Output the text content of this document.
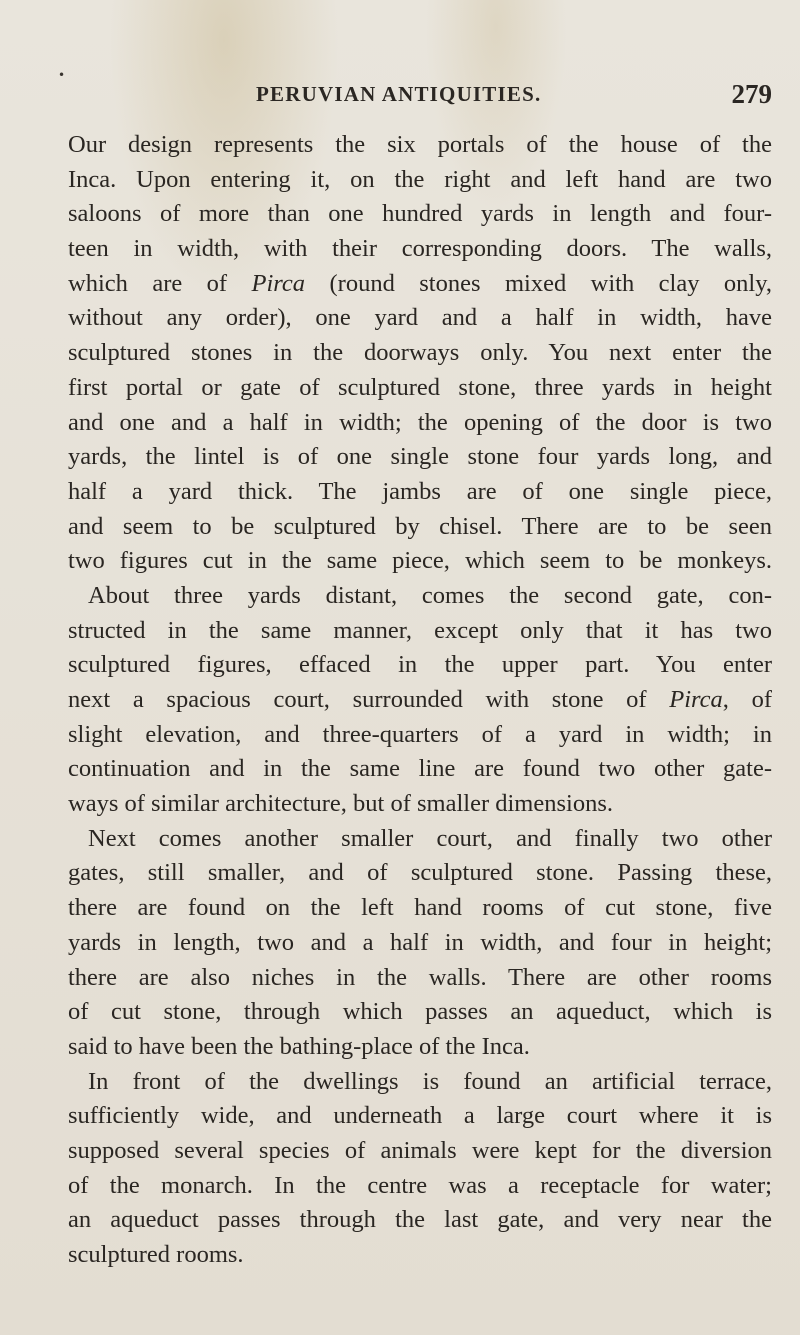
•
PERUVIAN ANTIQUITIES.	279
Our design represents the six portals of the house of the
Inca. Upon entering it, on the right and left hand are two
saloons of more than one hundred yards in length and four-
teen in width, with their corresponding doors. The walls,
which are of Pirca (round stones mixed with clay only,
without any order), one yard and a half in width, have
sculptured stones in the doorways only. You next enter the
first portal or gate of sculptured stone, three yards in height
and one and a half in width; the opening of the door is two
yards, the lintel is of one single stone four yards long, and
half a yard thick. The jambs are of one single piece,
and seem to be sculptured by chisel. There are to be seen
two figures cut in the same piece, which seem to be monkeys.
About three yards distant, comes the second gate, con-
structed in the same manner, except only that it has two
sculptured figures, effaced in the upper part. You enter
next a spacious court, surrounded with stone of Pirca, of
slight elevation, and three-quarters of a yard in width; in
continuation and in the same line are found two other gate-
ways of similar architecture, but of smaller dimensions.
Next comes another smaller court, and finally two other
gates, still smaller, and of sculptured stone. Passing these,
there are found on the left hand rooms of cut stone, five
yards in length, two and a half in width, and four in height;
there are also niches in the walls. There are other rooms
of cut stone, through which passes an aqueduct, which is
said to have been the bathing-place of the Inca.
In front of the dwellings is found an artificial terrace,
sufficiently wide, and underneath a large court where it is
supposed several species of animals were kept for the diversion
of the monarch. In the centre was a receptacle for water;
an aqueduct passes through the last gate, and very near the
sculptured rooms.
